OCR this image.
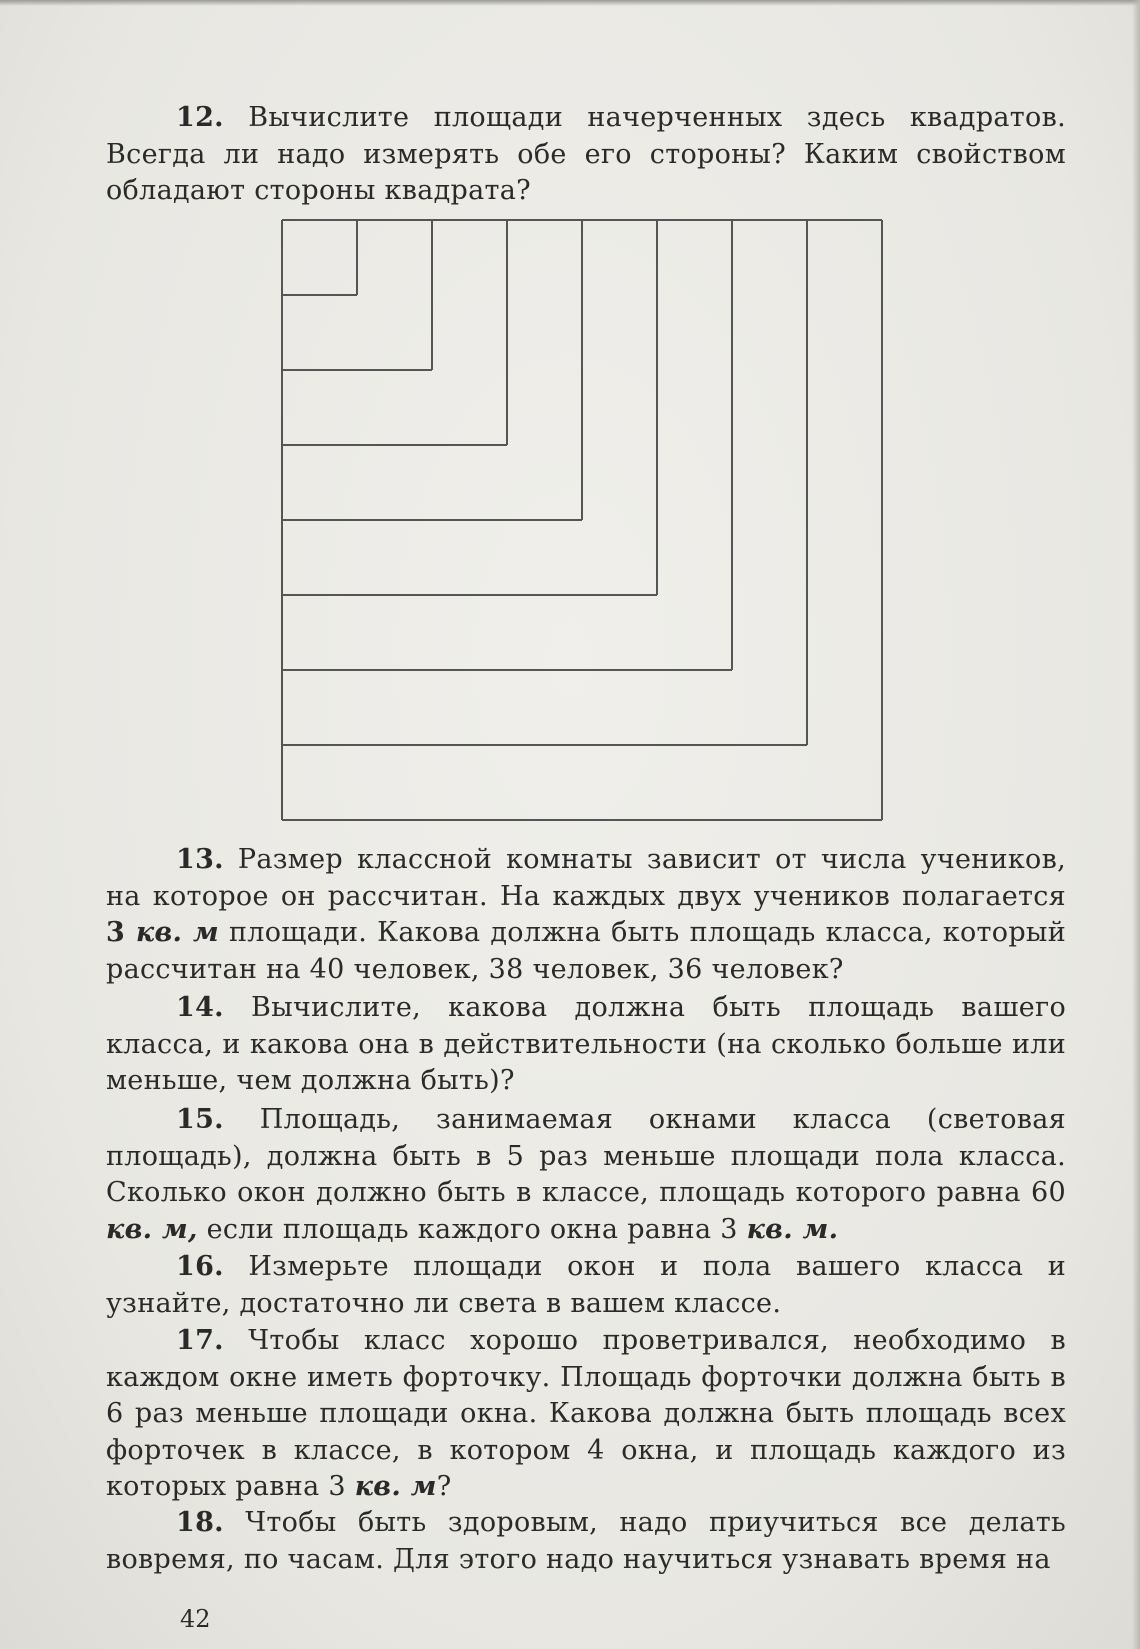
12. Вычислите площади начерченных здесь квадратов. Всегда ли надо измерять обе его стороны? Каким свойством обладают стороны квадрата?

13. Размер классной комнаты зависит от числа учеников, на которое он рассчитан. На каждых двух учеников полагается 3 кв. м площади. Какова должна быть площадь класса, который рассчитан на 40 человек, 38 человек, 36 человек?

14. Вычислите, какова должна быть площадь вашего класса, и какова она в действительности (на сколько больше или меньше, чем должна быть)?

15. Площадь, занимаемая окнами класса (световая площадь), должна быть в 5 раз меньше площади пола класса. Сколько окон должно быть в классе, площадь которого равна 60 кв. м, если площадь каждого окна равна 3 кв. м.

16. Измерьте площади окон и пола вашего класса и узнайте, достаточно ли света в вашем классе.

17. Чтобы класс хорошо проветривался, необходимо в каждом окне иметь форточку. Площадь форточки должна быть в 6 раз меньше площади окна. Какова должна быть площадь всех форточек в классе, в котором 4 окна, и площадь каждого из которых равна 3 кв. м?

18. Чтобы быть здоровым, надо приучиться все делать вовремя, по часам. Для этого надо научиться узнавать время на

42
